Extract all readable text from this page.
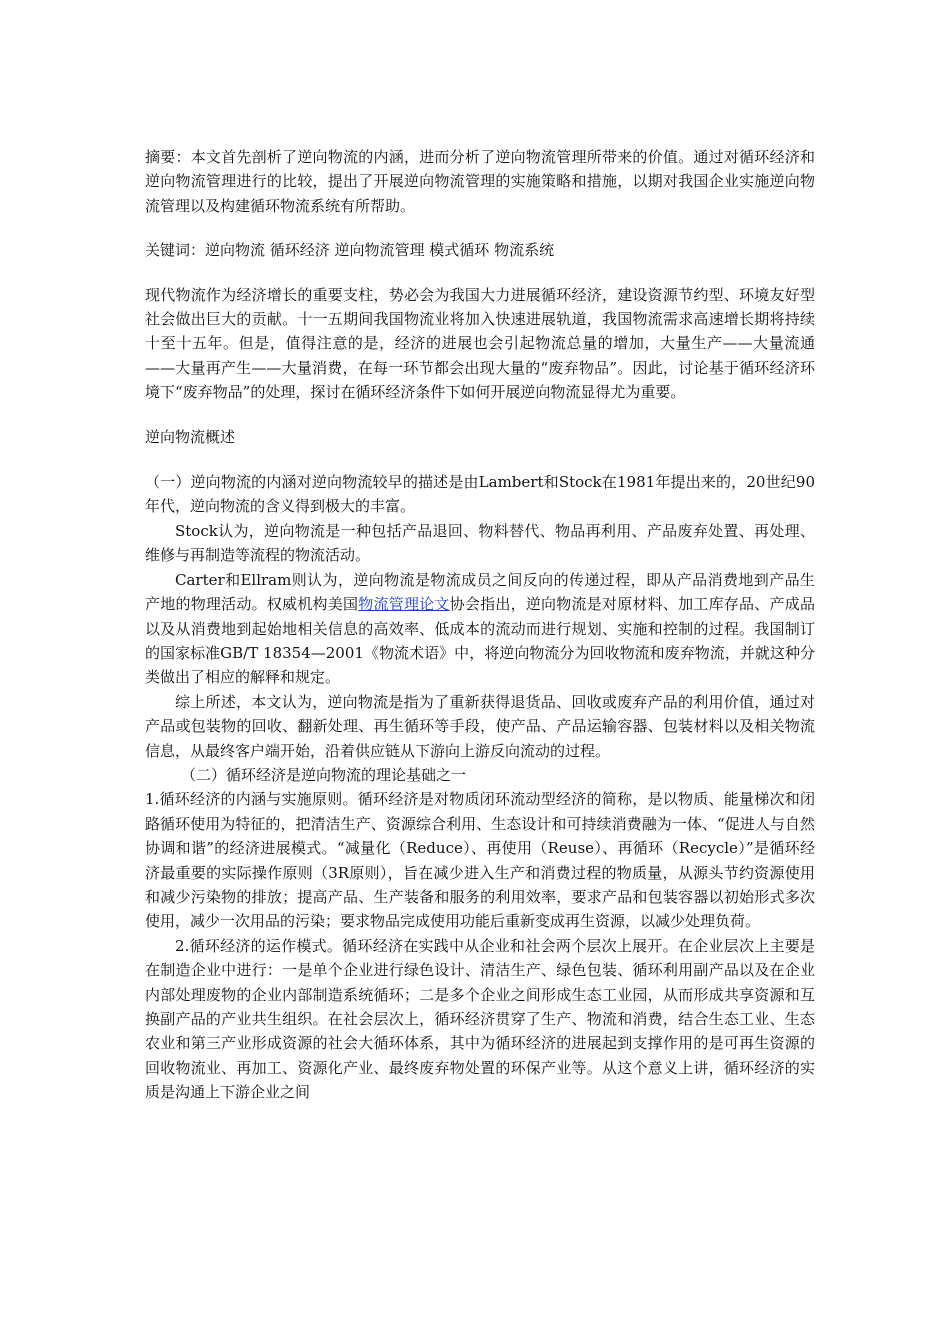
摘要：本文首先剖析了逆向物流的内涵，进而分析了逆向物流管理所带来的价值。通过对循环经济和逆向物流管理进行的比较，提出了开展逆向物流管理的实施策略和措施，以期对我国企业实施逆向物流管理以及构建循环物流系统有所帮助。

关键词：逆向物流 循环经济 逆向物流管理 模式循环 物流系统

现代物流作为经济增长的重要支柱，势必会为我国大力进展循环经济，建设资源节约型、环境友好型社会做出巨大的贡献。十一五期间我国物流业将加入快速进展轨道，我国物流需求高速增长期将持续十至十五年。但是，值得注意的是，经济的进展也会引起物流总量的增加，大量生产——大量流通——大量再产生——大量消费，在每一环节都会出现大量的“废弃物品”。因此，讨论基于循环经济环境下“废弃物品”的处理，探讨在循环经济条件下如何开展逆向物流显得尤为重要。

逆向物流概述

（一）逆向物流的内涵对逆向物流较早的描述是由Lambert和Stock在1981年提出来的，20世纪90年代，逆向物流的含义得到极大的丰富。

Stock认为，逆向物流是一种包括产品退回、物料替代、物品再利用、产品废弃处置、再处理、维修与再制造等流程的物流活动。

Carter和Ellram则认为，逆向物流是物流成员之间反向的传递过程，即从产品消费地到产品生产地的物理活动。权威机构美国物流管理论文协会指出，逆向物流是对原材料、加工库存品、产成品以及从消费地到起始地相关信息的高效率、低成本的流动而进行规划、实施和控制的过程。我国制订的国家标准GB/T 18354—2001《物流术语》中，将逆向物流分为回收物流和废弃物流，并就这种分类做出了相应的解释和规定。

综上所述，本文认为，逆向物流是指为了重新获得退货品、回收或废弃产品的利用价值，通过对产品或包装物的回收、翻新处理、再生循环等手段，使产品、产品运输容器、包装材料以及相关物流信息，从最终客户端开始，沿着供应链从下游向上游反向流动的过程。

（二）循环经济是逆向物流的理论基础之一

1.循环经济的内涵与实施原则。循环经济是对物质闭环流动型经济的简称，是以物质、能量梯次和闭路循环使用为特征的，把清洁生产、资源综合利用、生态设计和可持续消费融为一体、“促进人与自然协调和谐”的经济进展模式。“减量化（Reduce）、再使用（Reuse）、再循环（Recycle）”是循环经济最重要的实际操作原则（3R原则），旨在减少进入生产和消费过程的物质量，从源头节约资源使用和减少污染物的排放；提高产品、生产装备和服务的利用效率，要求产品和包装容器以初始形式多次使用，减少一次用品的污染；要求物品完成使用功能后重新变成再生资源，以减少处理负荷。

2.循环经济的运作模式。循环经济在实践中从企业和社会两个层次上展开。在企业层次上主要是在制造企业中进行：一是单个企业进行绿色设计、清洁生产、绿色包装、循环利用副产品以及在企业内部处理废物的企业内部制造系统循环；二是多个企业之间形成生态工业园，从而形成共享资源和互换副产品的产业共生组织。在社会层次上，循环经济贯穿了生产、物流和消费，结合生态工业、生态农业和第三产业形成资源的社会大循环体系，其中为循环经济的进展起到支撑作用的是可再生资源的回收物流业、再加工、资源化产业、最终废弃物处置的环保产业等。从这个意义上讲，循环经济的实质是沟通上下游企业之间
